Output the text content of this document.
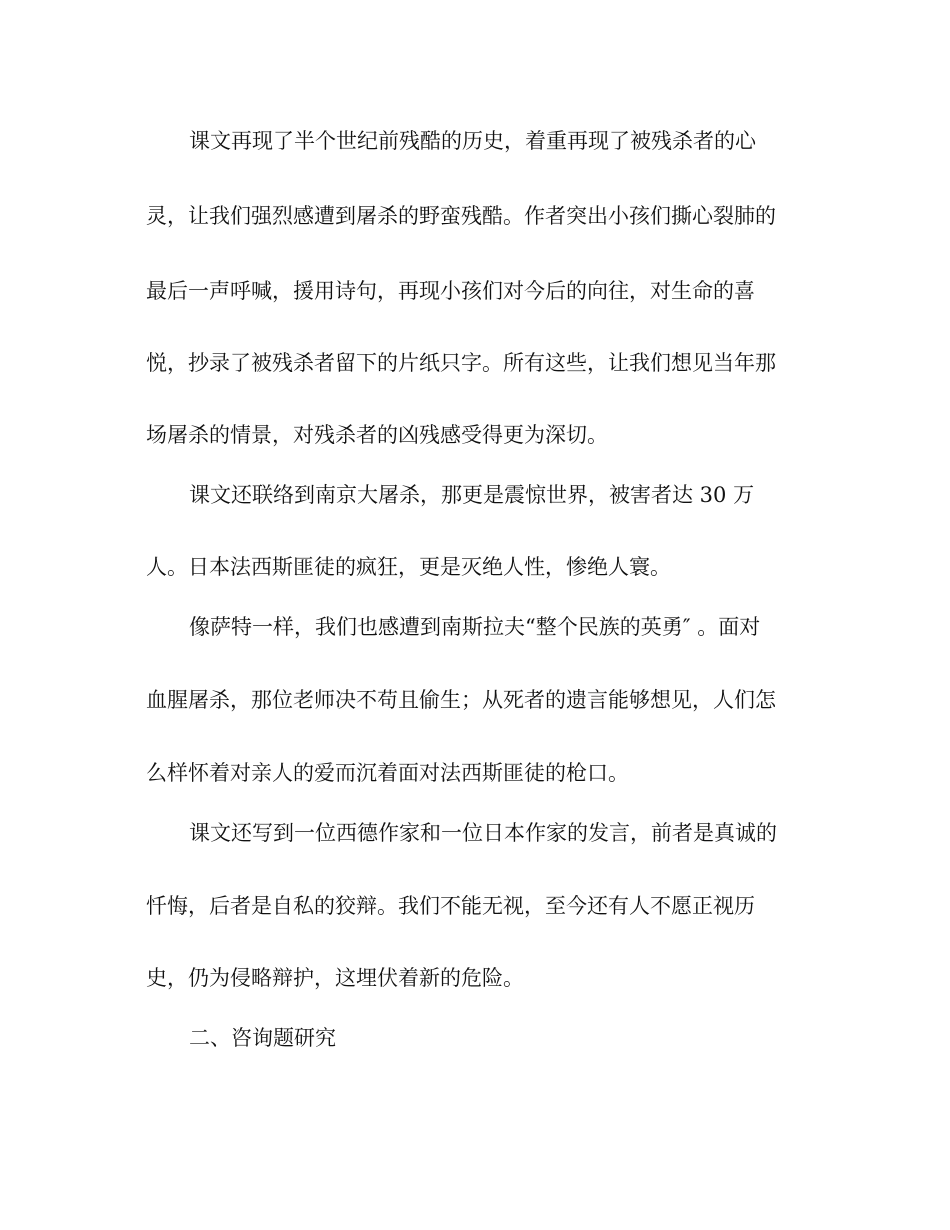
课文再现了半个世纪前残酷的历史，着重再现了被残杀者的心
灵，让我们强烈感遭到屠杀的野蛮残酷。作者突出小孩们撕心裂肺的
最后一声呼喊，援用诗句，再现小孩们对今后的向往，对生命的喜
悦，抄录了被残杀者留下的片纸只字。所有这些，让我们想见当年那
场屠杀的情景，对残杀者的凶残感受得更为深切。
课文还联络到南京大屠杀，那更是震惊世界，被害者达 30 万
人。日本法西斯匪徒的疯狂，更是灭绝人性，惨绝人寰。
像萨特一样，我们也感遭到南斯拉夫“整个民族的英勇″ 。面对
血腥屠杀，那位老师决不苟且偷生；从死者的遗言能够想见，人们怎
么样怀着对亲人的爱而沉着面对法西斯匪徒的枪口。
课文还写到一位西德作家和一位日本作家的发言，前者是真诚的
忏悔，后者是自私的狡辩。我们不能无视，至今还有人不愿正视历
史，仍为侵略辩护，这埋伏着新的危险。
二、咨询题研究
